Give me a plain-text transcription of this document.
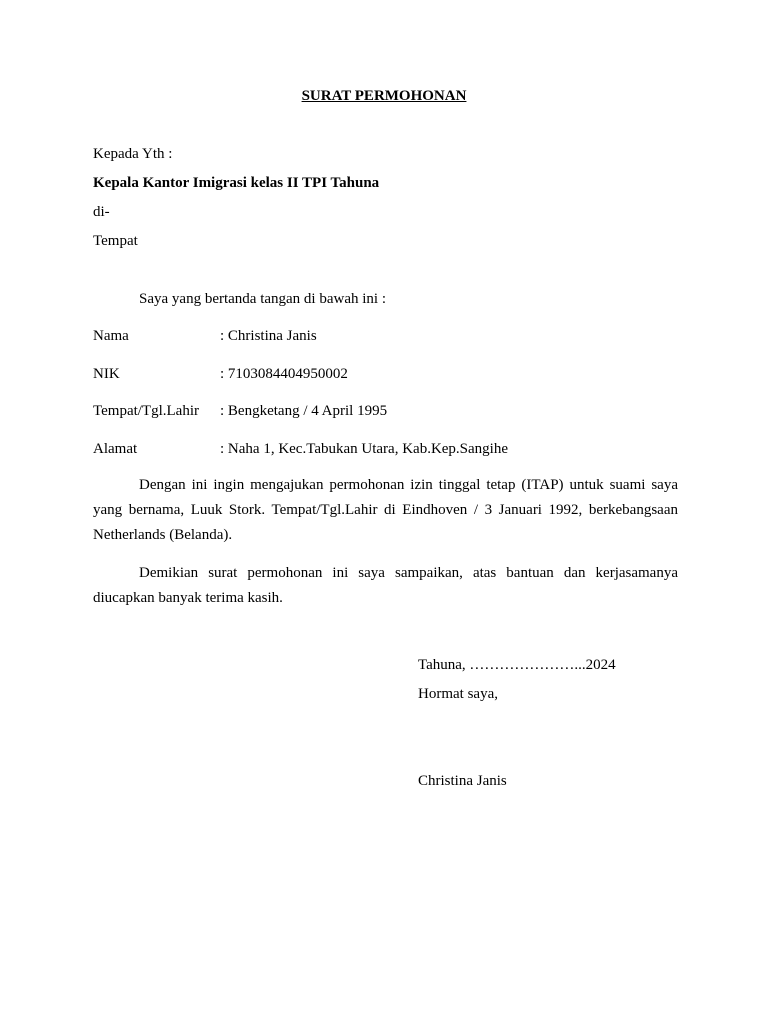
SURAT PERMOHONAN
Kepada Yth :
Kepala Kantor Imigrasi kelas II TPI Tahuna
di-
Tempat
Saya yang bertanda tangan di bawah ini :
Nama	: Christina Janis
NIK	: 7103084404950002
Tempat/Tgl.Lahir : Bengketang / 4 April 1995
Alamat	: Naha 1, Kec.Tabukan Utara, Kab.Kep.Sangihe
Dengan ini ingin mengajukan permohonan izin tinggal tetap (ITAP) untuk suami saya yang bernama, Luuk Stork. Tempat/Tgl.Lahir di Eindhoven / 3 Januari 1992, berkebangsaan Netherlands (Belanda).
Demikian surat permohonan ini saya sampaikan, atas bantuan dan kerjasamanya diucapkan banyak terima kasih.
Tahuna, …………………...2024
Hormat saya,
Christina Janis
